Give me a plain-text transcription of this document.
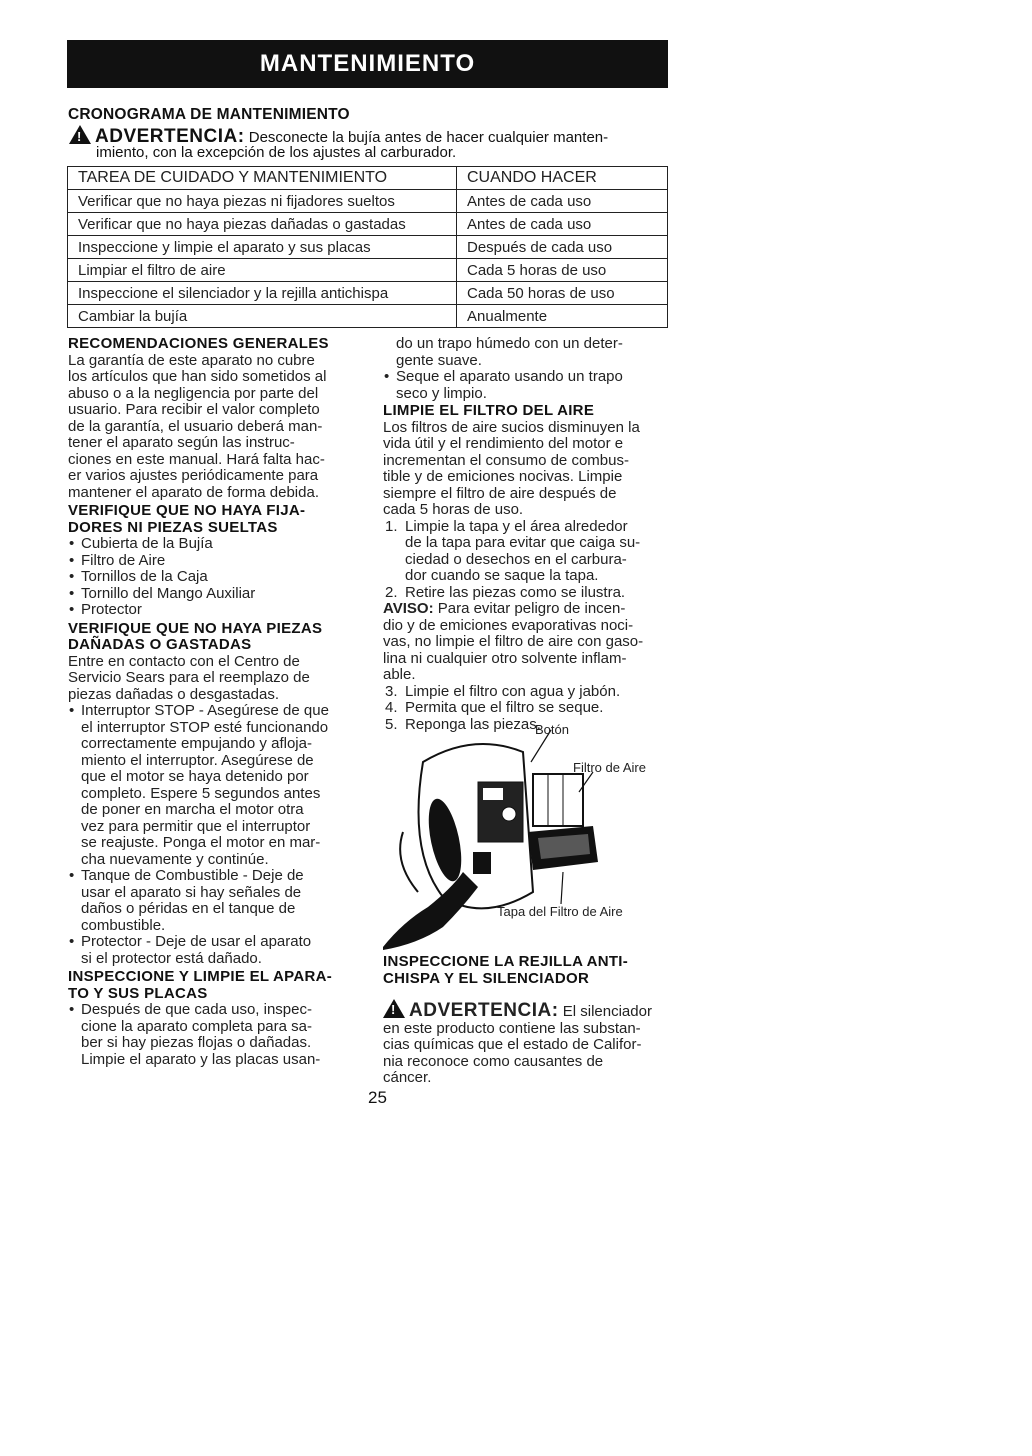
MANTENIMIENTO
CRONOGRAMA DE MANTENIMIENTO
!ADVERTENCIA: Desconecte la bujía antes de hacer cualquier manten-
imiento, con la excepción de los ajustes al carburador.
TAREA DE CUIDADO Y MANTENIMIENTO	CUANDO HACER
Verificar que no haya piezas ni fijadores sueltos	Antes de cada uso
Verificar que no haya piezas dañadas o gastadas	Antes de cada uso
Inspeccione y limpie el aparato y sus placas	Después de cada uso
Limpiar el filtro de aire	Cada 5 horas de uso
Inspeccione el silenciador y la rejilla antichispa	Cada 50 horas de uso
Cambiar la bujía	Anualmente

RECOMENDACIONES GENERALES

La garantía de este aparato no cubre

los artículos que han sido sometidos al

abuso o a la negligencia por parte del

usuario. Para recibir el valor completo

de la garantía, el usuario deberá man-

tener el aparato según las instruc-

ciones en este manual. Hará falta hac-

er varios ajustes periódicamente para

mantener el aparato de forma debida.

VERIFIQUE QUE NO HAYA FIJA-

DORES NI PIEZAS SUELTAS

• Cubierta de la Bujía
• Filtro de Aire
• Tornillos de la Caja
• Tornillo del Mango Auxiliar
• Protector

VERIFIQUE QUE NO HAYA PIEZAS

DAÑADAS O GASTADAS

Entre en contacto con el Centro de

Servicio Sears para el reemplazo de

piezas dañadas o desgastadas.

• Interruptor STOP - Asegúrese de que
el interruptor STOP esté funcionando
correctamente empujando y afloja-
miento el interruptor. Asegúrese de
que el motor se haya detenido por
completo. Espere 5 segundos antes
de poner en marcha el motor otra
vez para permitir que el interruptor
se reajuste. Ponga el motor en mar-
cha nuevamente y continúe.
• Tanque de Combustible - Deje de
usar el aparato si hay señales de
daños o péridas en el tanque de
combustible.
• Protector - Deje de usar el aparato
si el protector está dañado.

INSPECCIONE Y LIMPIE EL APARA-

TO Y SUS PLACAS

• Después de que cada uso, inspec-
cione la aparato completa para sa-
ber si hay piezas flojas o dañadas.
Limpie el aparato y las placas usan-

do un trapo húmedo con un deter-

gente suave.

• Seque el aparato usando un trapo
seco y limpio.

LIMPIE EL FILTRO DEL AIRE

Los filtros de aire sucios disminuyen la

vida útil y el rendimiento del motor e

incrementan el consumo de combus-

tible y de emiciones nocivas. Limpie

siempre el filtro de aire después de

cada 5 horas de uso.

1. Limpie la tapa y el área alrededor
de la tapa para evitar que caiga su-
ciedad o desechos en el carbura-
dor cuando se saque la tapa.
2. Retire las piezas como se ilustra.

AVISO: Para evitar peligro de incen-

dio y de emiciones evaporativas noci-

vas, no limpie el filtro de aire con gaso-

lina ni cualquier otro solvente inflam-

able.

3. Limpie el filtro con agua y jabón.
4. Permita que el filtro se seque.
5. Reponga las piezas.
Botón
Filtro de Aire
Tapa del Filtro de Aire

INSPECCIONE LA REJILLA ANTI-

CHISPA Y EL SILENCIADOR

!ADVERTENCIA: El silenciador

en este producto contiene las substan-

cias químicas que el estado de Califor-

nia reconoce como causantes de

cáncer.

25
